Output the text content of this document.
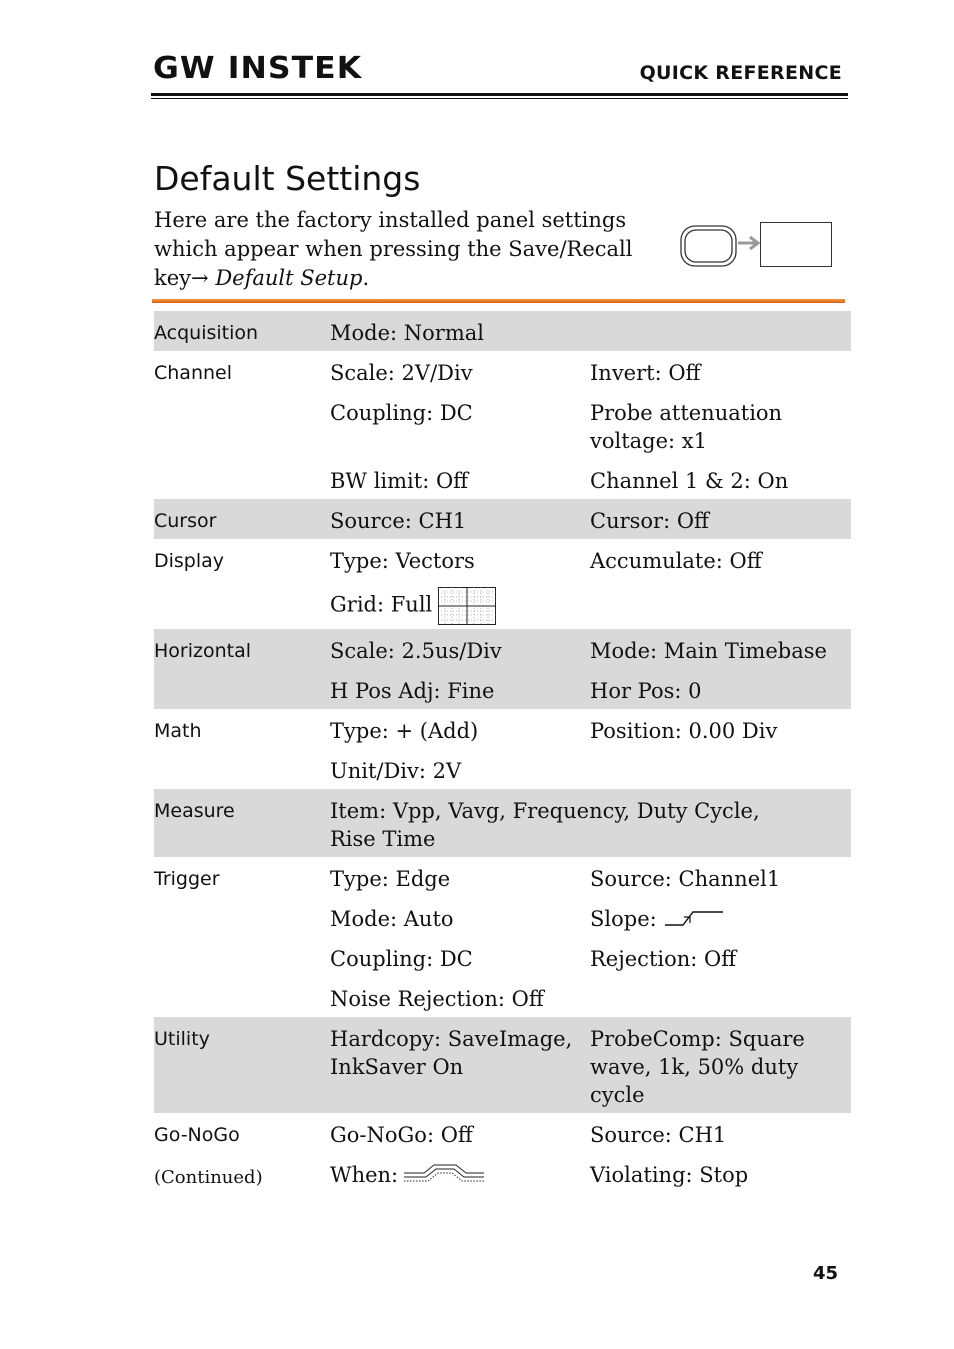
GW INSTEK	QUICK REFERENCE
Default Settings
Here are the factory installed panel settings which appear when pressing the Save/Recall key→ Default Setup.
Acquisition	Mode: Normal	
Channel	Scale: 2V/Div	Invert: Off
	Coupling: DC	Probe attenuation voltage: x1
	BW limit: Off	Channel 1 & 2: On
Cursor	Source: CH1	Cursor: Off
Display	Type: Vectors	Accumulate: Off
	Grid: Full	
Horizontal	Scale: 2.5us/Div	Mode: Main Timebase
	H Pos Adj: Fine	Hor Pos: 0
Math	Type: + (Add)	Position: 0.00 Div
	Unit/Div: 2V	
Measure	Item: Vpp, Vavg, Frequency, Duty Cycle, Rise Time	
Trigger	Type: Edge	Source: Channel1
	Mode: Auto	Slope:
	Coupling: DC	Rejection: Off
	Noise Rejection: Off	
Utility	Hardcopy: SaveImage, InkSaver On	ProbeComp: Square wave, 1k, 50% duty cycle
Go-NoGo	Go-NoGo: Off	Source: CH1
	When:	Violating: Stop
(Continued)
45
